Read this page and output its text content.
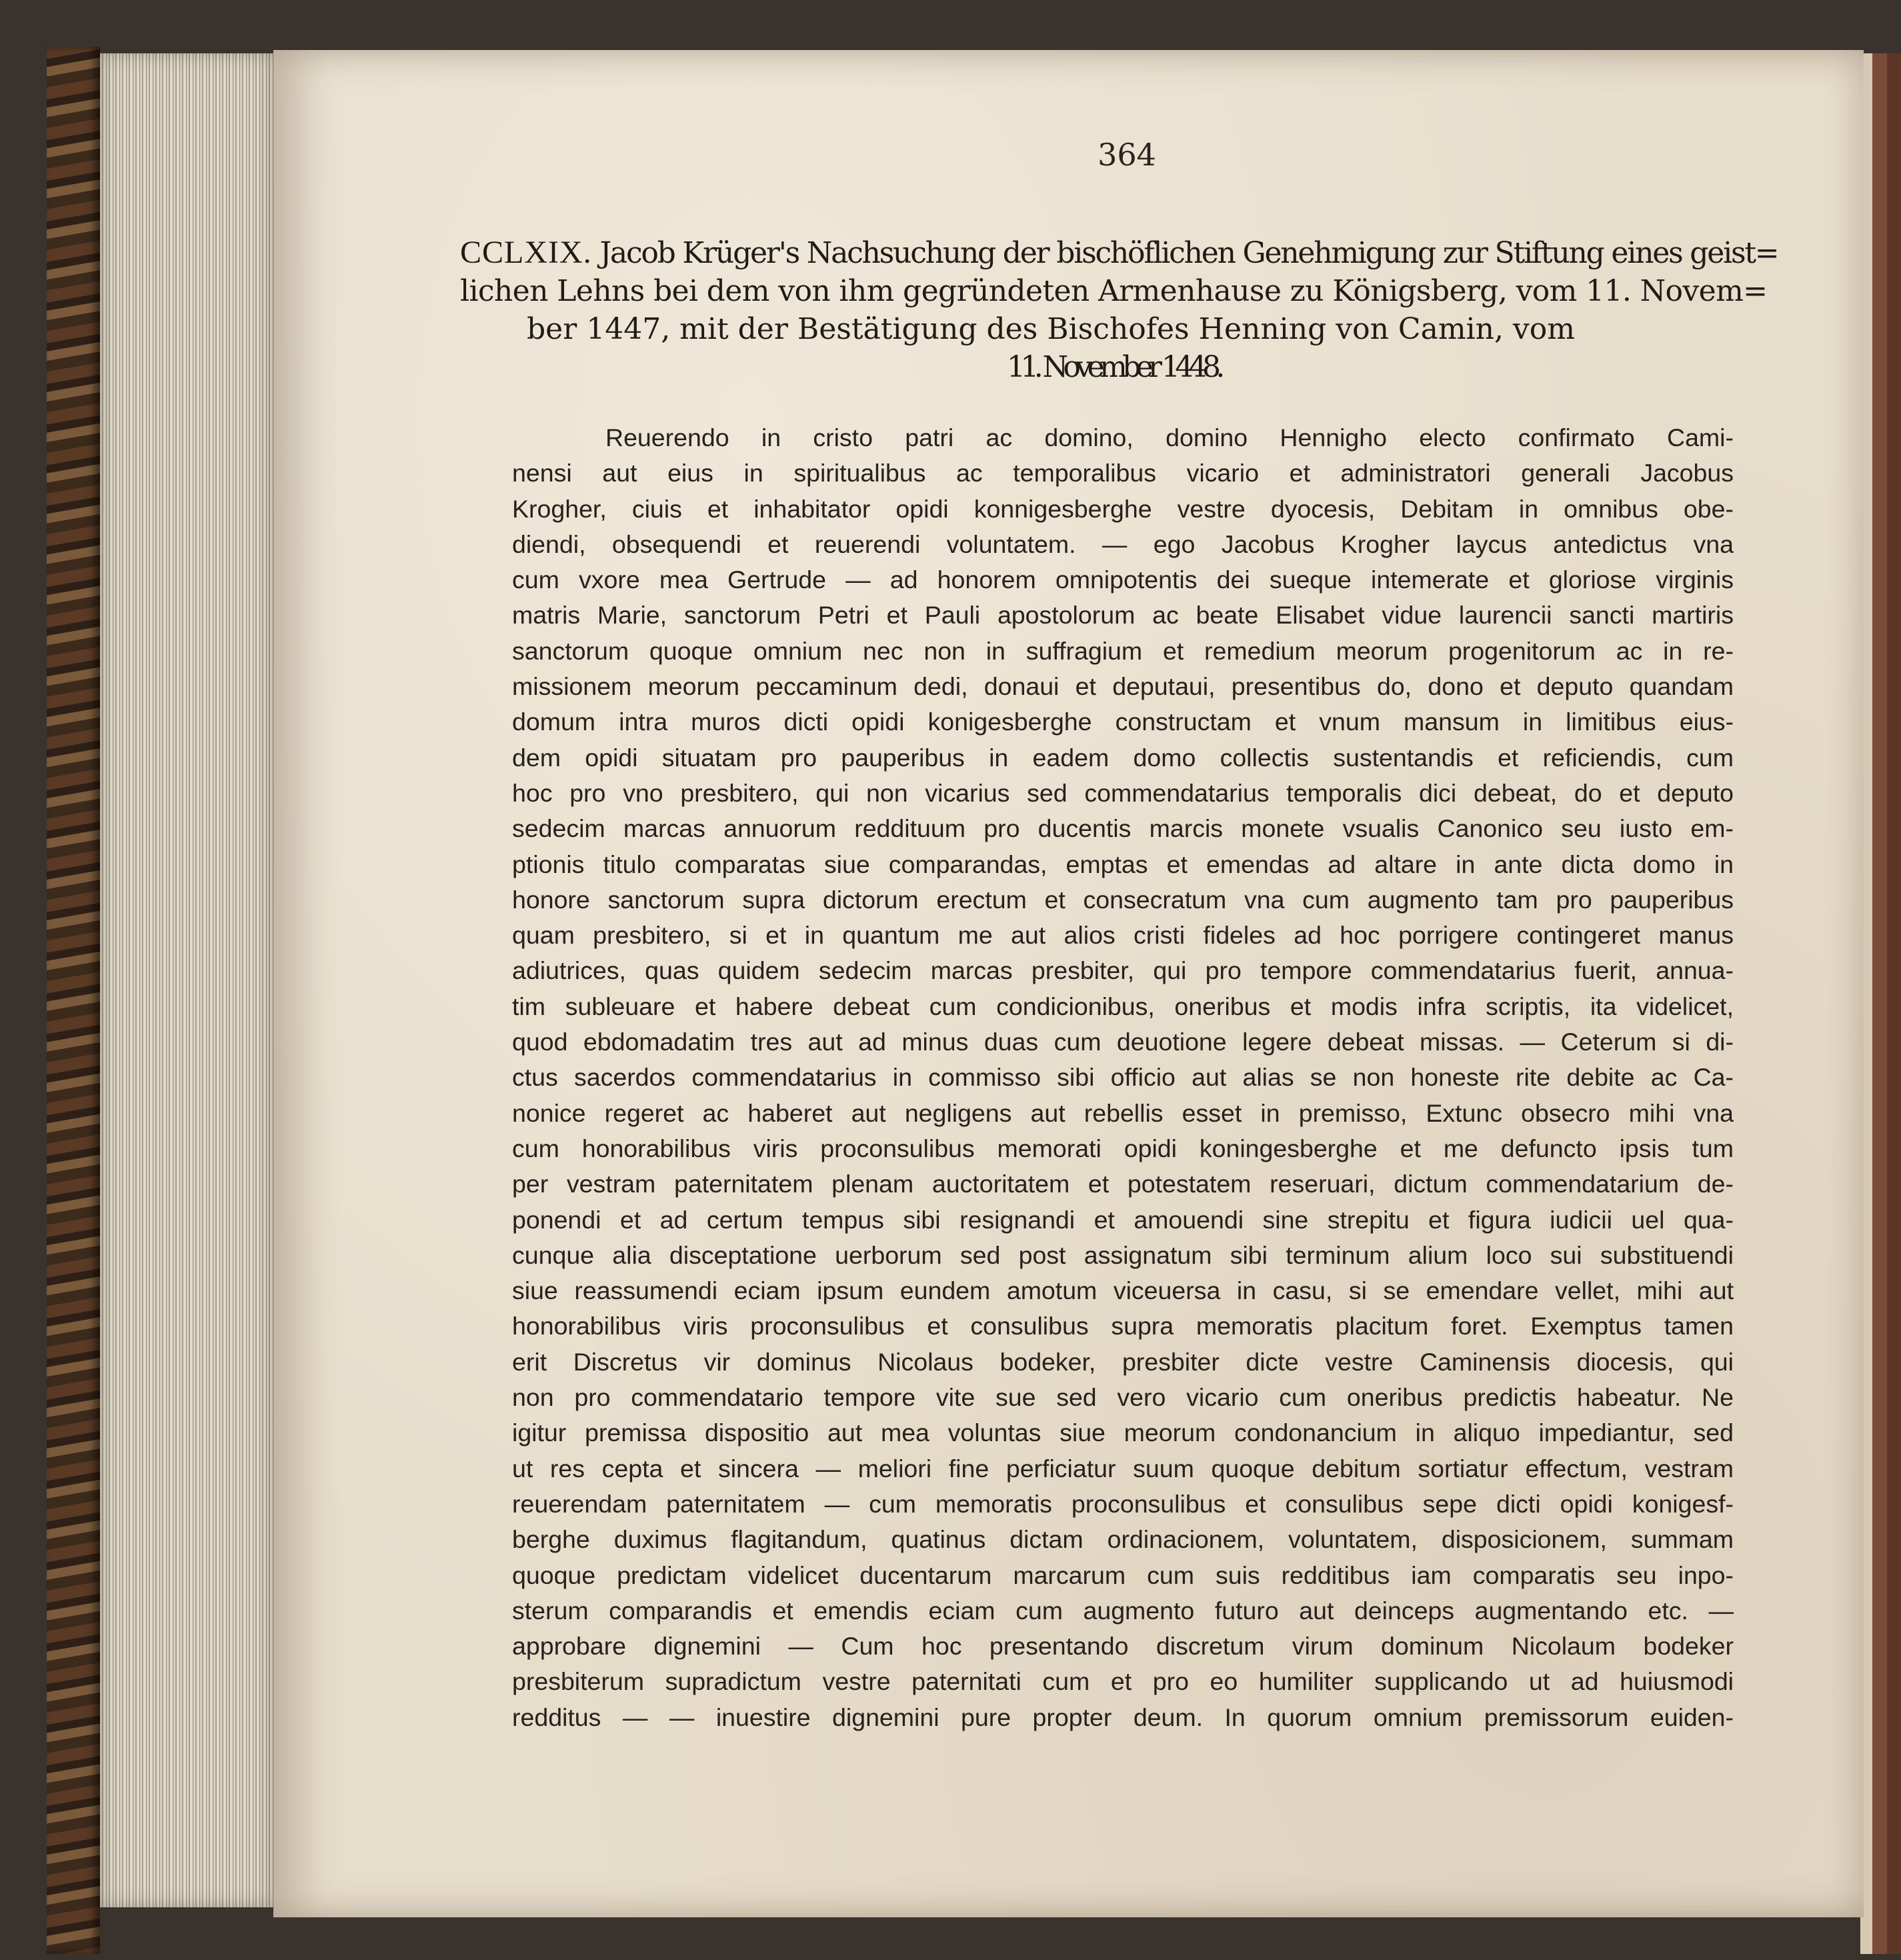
364
CCLXIX. Jacob Krüger's Nachsuchung der bischöflichen Genehmigung zur Stiftung eines geist=
lichen Lehns bei dem von ihm gegründeten Armenhause zu Königsberg, vom 11. Novem=
ber 1447, mit der Bestätigung des Bischofes Henning von Camin, vom
11. November 1448.
Reuerendo in cristo patri ac domino, domino Hennigho electo confirmato Cami-
nensi aut eius in spiritualibus ac temporalibus vicario et administratori generali Jacobus
Krogher, ciuis et inhabitator opidi konnigesberghe vestre dyocesis, Debitam in omnibus obe-
diendi, obsequendi et reuerendi voluntatem. — ego Jacobus Krogher laycus antedictus vna
cum vxore mea Gertrude — ad honorem omnipotentis dei sueque intemerate et gloriose virginis
matris Marie, sanctorum Petri et Pauli apostolorum ac beate Elisabet vidue laurencii sancti martiris
sanctorum quoque omnium nec non in suffragium et remedium meorum progenitorum ac in re-
missionem meorum peccaminum dedi, donaui et deputaui, presentibus do, dono et deputo quandam
domum intra muros dicti opidi konigesberghe constructam et vnum mansum in limitibus eius-
dem opidi situatam pro pauperibus in eadem domo collectis sustentandis et reficiendis, cum
hoc pro vno presbitero, qui non vicarius sed commendatarius temporalis dici debeat, do et deputo
sedecim marcas annuorum reddituum pro ducentis marcis monete vsualis Canonico seu iusto em-
ptionis titulo comparatas siue comparandas, emptas et emendas ad altare in ante dicta domo in
honore sanctorum supra dictorum erectum et consecratum vna cum augmento tam pro pauperibus
quam presbitero, si et in quantum me aut alios cristi fideles ad hoc porrigere contingeret manus
adiutrices, quas quidem sedecim marcas presbiter, qui pro tempore commendatarius fuerit, annua-
tim subleuare et habere debeat cum condicionibus, oneribus et modis infra scriptis, ita videlicet,
quod ebdomadatim tres aut ad minus duas cum deuotione legere debeat missas. — Ceterum si di-
ctus sacerdos commendatarius in commisso sibi officio aut alias se non honeste rite debite ac Ca-
nonice regeret ac haberet aut negligens aut rebellis esset in premisso, Extunc obsecro mihi vna
cum honorabilibus viris proconsulibus memorati opidi koningesberghe et me defuncto ipsis tum
per vestram paternitatem plenam auctoritatem et potestatem reseruari, dictum commendatarium de-
ponendi et ad certum tempus sibi resignandi et amouendi sine strepitu et figura iudicii uel qua-
cunque alia disceptatione uerborum sed post assignatum sibi terminum alium loco sui substituendi
siue reassumendi eciam ipsum eundem amotum viceuersa in casu, si se emendare vellet, mihi aut
honorabilibus viris proconsulibus et consulibus supra memoratis placitum foret. Exemptus tamen
erit Discretus vir dominus Nicolaus bodeker, presbiter dicte vestre Caminensis diocesis, qui
non pro commendatario tempore vite sue sed vero vicario cum oneribus predictis habeatur. Ne
igitur premissa dispositio aut mea voluntas siue meorum condonancium in aliquo impediantur, sed
ut res cepta et sincera — meliori fine perficiatur suum quoque debitum sortiatur effectum, vestram
reuerendam paternitatem — cum memoratis proconsulibus et consulibus sepe dicti opidi konigesf-
berghe duximus flagitandum, quatinus dictam ordinacionem, voluntatem, disposicionem, summam
quoque predictam videlicet ducentarum marcarum cum suis redditibus iam comparatis seu inpo-
sterum comparandis et emendis eciam cum augmento futuro aut deinceps augmentando etc. —
approbare dignemini — Cum hoc presentando discretum virum dominum Nicolaum bodeker
presbiterum supradictum vestre paternitati cum et pro eo humiliter supplicando ut ad huiusmodi
redditus — — inuestire dignemini pure propter deum. In quorum omnium premissorum euiden-
